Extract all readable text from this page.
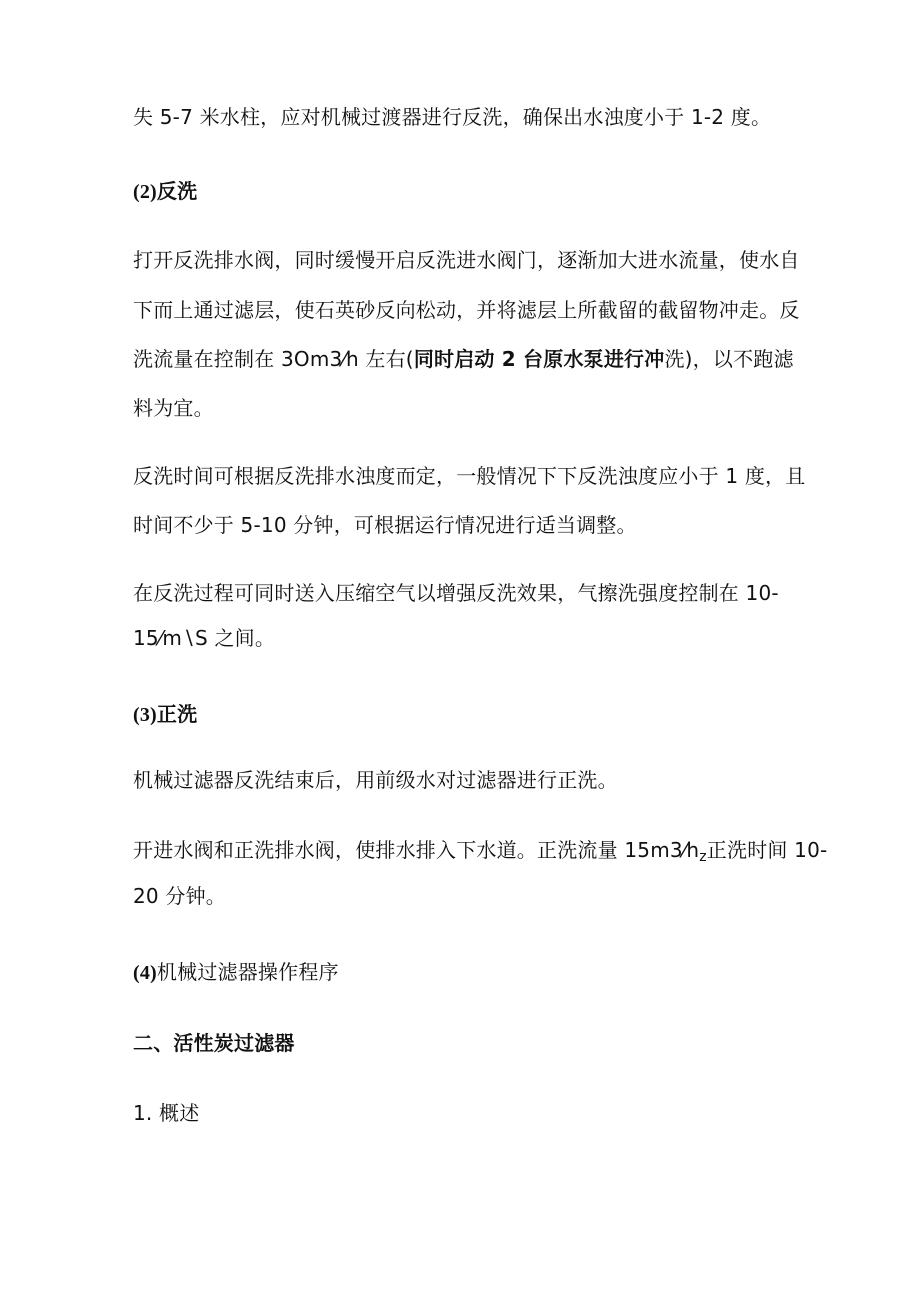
失 5-7 米水柱，应对机械过渡器进行反洗，确保出水浊度小于 1-2 度。
(2)反洗
打开反洗排水阀，同时缓慢开启反洗进水阀门，逐渐加大进水流量，使水自
下而上通过滤层，使石英砂反向松动，并将滤层上所截留的截留物冲走。反
洗流量在控制在 3Om3⁄h 左右(同时启动 2 台原水泵进行冲洗)，以不跑滤
料为宜。
反洗时间可根据反洗排水浊度而定，一般情况下下反洗浊度应小于 1 度，且
时间不少于 5-10 分钟，可根据运行情况进行适当调整。
在反洗过程可同时送入压缩空气以增强反洗效果，气擦洗强度控制在 10-
15⁄m∖S 之间。
(3)正洗
机械过滤器反洗结束后，用前级水对过滤器进行正洗。
开进水阀和正洗排水阀，使排水排入下水道。正洗流量 $15m3⁄h_z$正洗时间 10-
20 分钟。
(4)机械过滤器操作程序
二、活性炭过滤器
1. 概述
